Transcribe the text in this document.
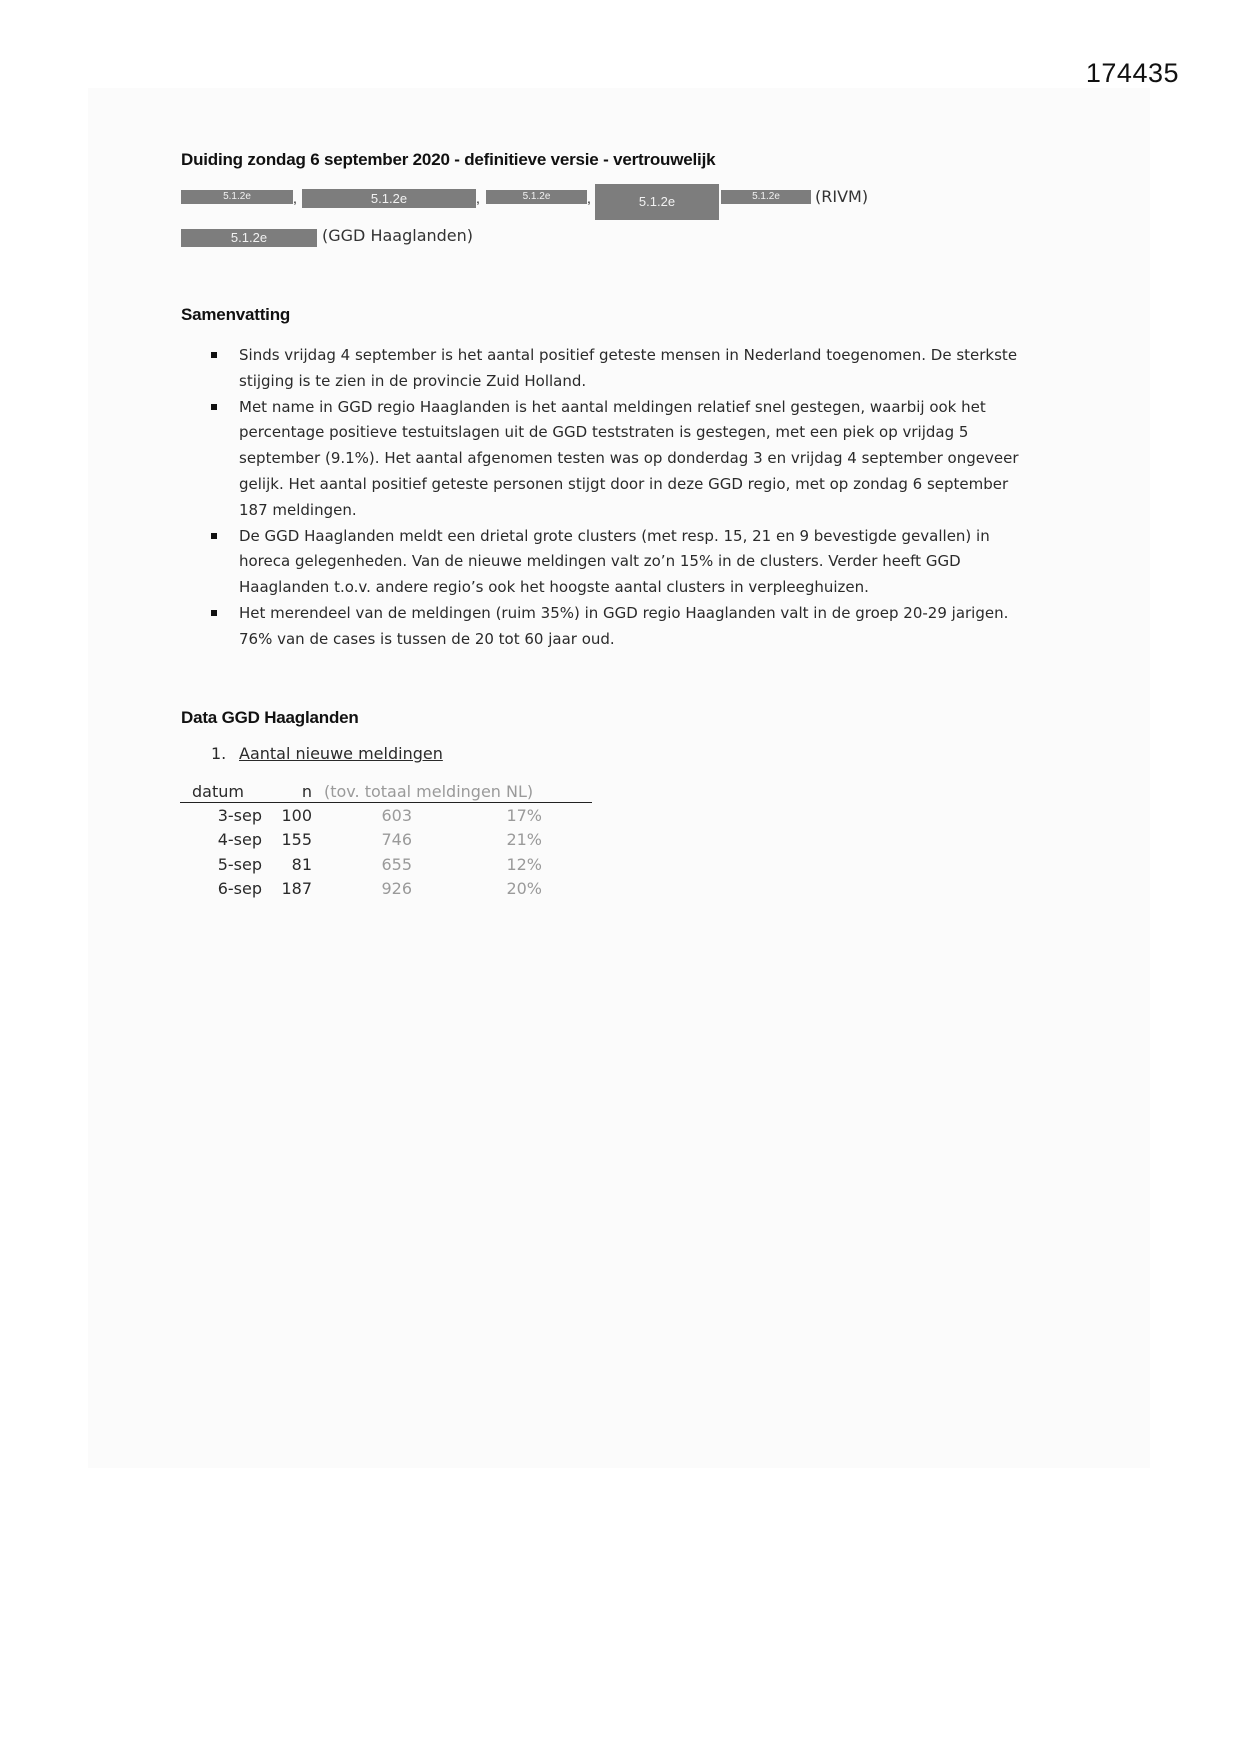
174435
Duiding zondag 6 september 2020 - definitieve versie - vertrouwelijk
5.1.2e	,	5.1.2e	,	5.1.2e	,	5.1.2e	5.1.2e	(RIVM)
5.1.2e	(GGD Haaglanden)
Samenvatting
Sinds vrijdag 4 september is het aantal positief geteste mensen in Nederland toegenomen. De sterkste stijging is te zien in de provincie Zuid Holland.
Met name in GGD regio Haaglanden is het aantal meldingen relatief snel gestegen, waarbij ook het percentage positieve testuitslagen uit de GGD teststraten is gestegen, met een piek op vrijdag 5 september (9.1%). Het aantal afgenomen testen was op donderdag 3 en vrijdag 4 september ongeveer gelijk. Het aantal positief geteste personen stijgt door in deze GGD regio, met op zondag 6 september 187 meldingen.
De GGD Haaglanden meldt een drietal grote clusters (met resp. 15, 21 en 9 bevestigde gevallen) in horeca gelegenheden. Van de nieuwe meldingen valt zo’n 15% in de clusters. Verder heeft GGD Haaglanden t.o.v. andere regio’s ook het hoogste aantal clusters in verpleeghuizen.
Het merendeel van de meldingen (ruim 35%) in GGD regio Haaglanden valt in de groep 20-29 jarigen. 76% van de cases is tussen de 20 tot 60 jaar oud.
Data GGD Haaglanden
1. Aantal nieuwe meldingen
datum	n	(tov. totaal meldingen NL)	
3-sep	100	603	17%
4-sep	155	746	21%
5-sep	81	655	12%
6-sep	187	926	20%
